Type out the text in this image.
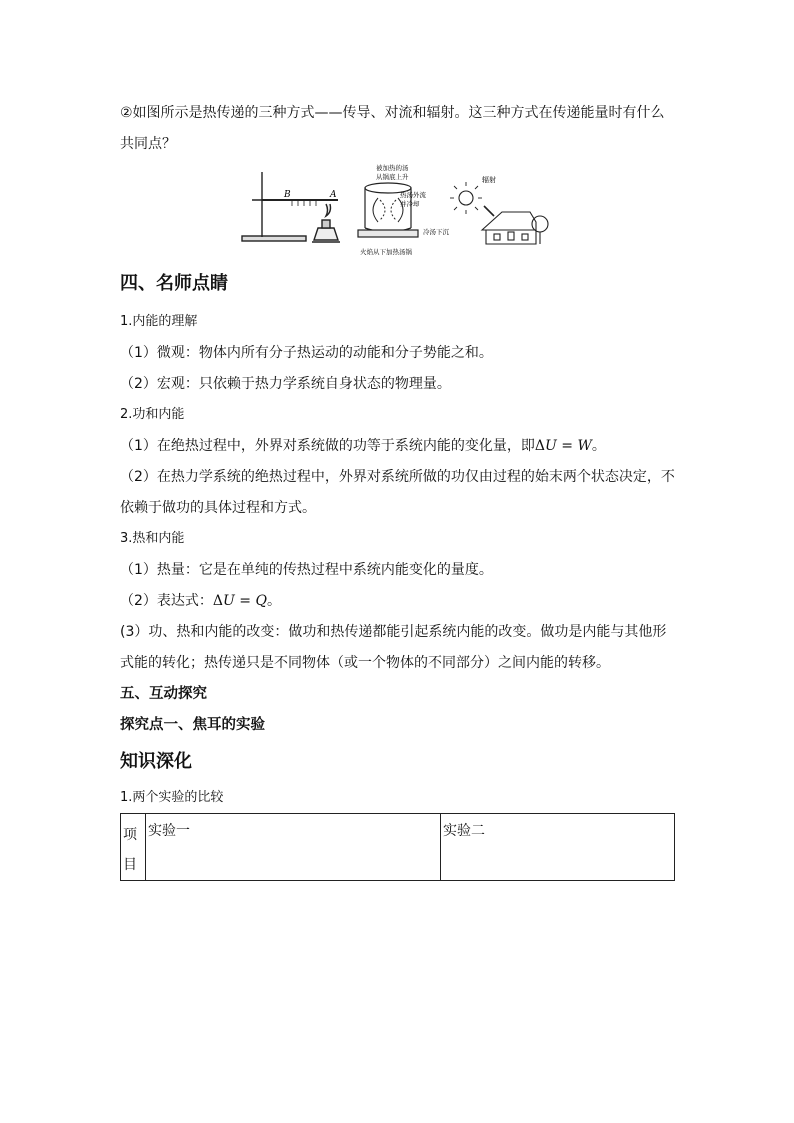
②如图所示是热传递的三种方式——传导、对流和辐射。这三种方式在传递能量时有什么
共同点？
B	A
被加热的汤
从锅底上升
热汤外流
并冷却
冷汤下沉
火焰从下加热汤锅
辐射
四、名师点睛
1.内能的理解
（1）微观：物体内所有分子热运动的动能和分子势能之和。
（2）宏观：只依赖于热力学系统自身状态的物理量。
2.功和内能
（1）在绝热过程中，外界对系统做的功等于系统内能的变化量，即ΔU = W。
（2）在热力学系统的绝热过程中，外界对系统所做的功仅由过程的始末两个状态决定，不
依赖于做功的具体过程和方式。
3.热和内能
（1）热量：它是在单纯的传热过程中系统内能变化的量度。
（2）表达式：ΔU = Q。
(3）功、热和内能的改变：做功和热传递都能引起系统内能的改变。做功是内能与其他形
式能的转化；热传递只是不同物体（或一个物体的不同部分）之间内能的转移。
五、互动探究
探究点一、焦耳的实验
知识深化
1.两个实验的比较
项
目	实验一	实验二
